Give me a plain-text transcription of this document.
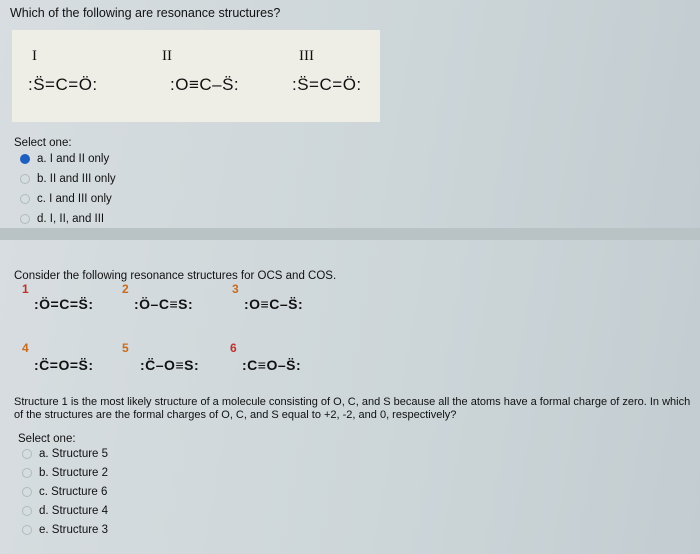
Which of the following are resonance structures?
I	II	III
:S̈=C=Ö:	:O≡C–S̈:	:S̈=C=Ö:
Select one:
a. I and II only
b. II and III only
c. I and III only
d. I, II, and III
Consider the following resonance structures for OCS and COS.
1	2	3
:Ö=C=S̈:	:Ö–C≡S:	:O≡C–S̈:
4	5	6
:C̈=O=S̈:	:C̈–O≡S:	:C≡O–S̈:
Structure 1 is the most likely structure of a molecule consisting of O, C, and S because all the atoms have a formal charge of zero. In which of the structures are the formal charges of O, C, and S equal to +2, -2, and 0, respectively?
Select one:
a. Structure 5
b. Structure 2
c. Structure 6
d. Structure 4
e. Structure 3
